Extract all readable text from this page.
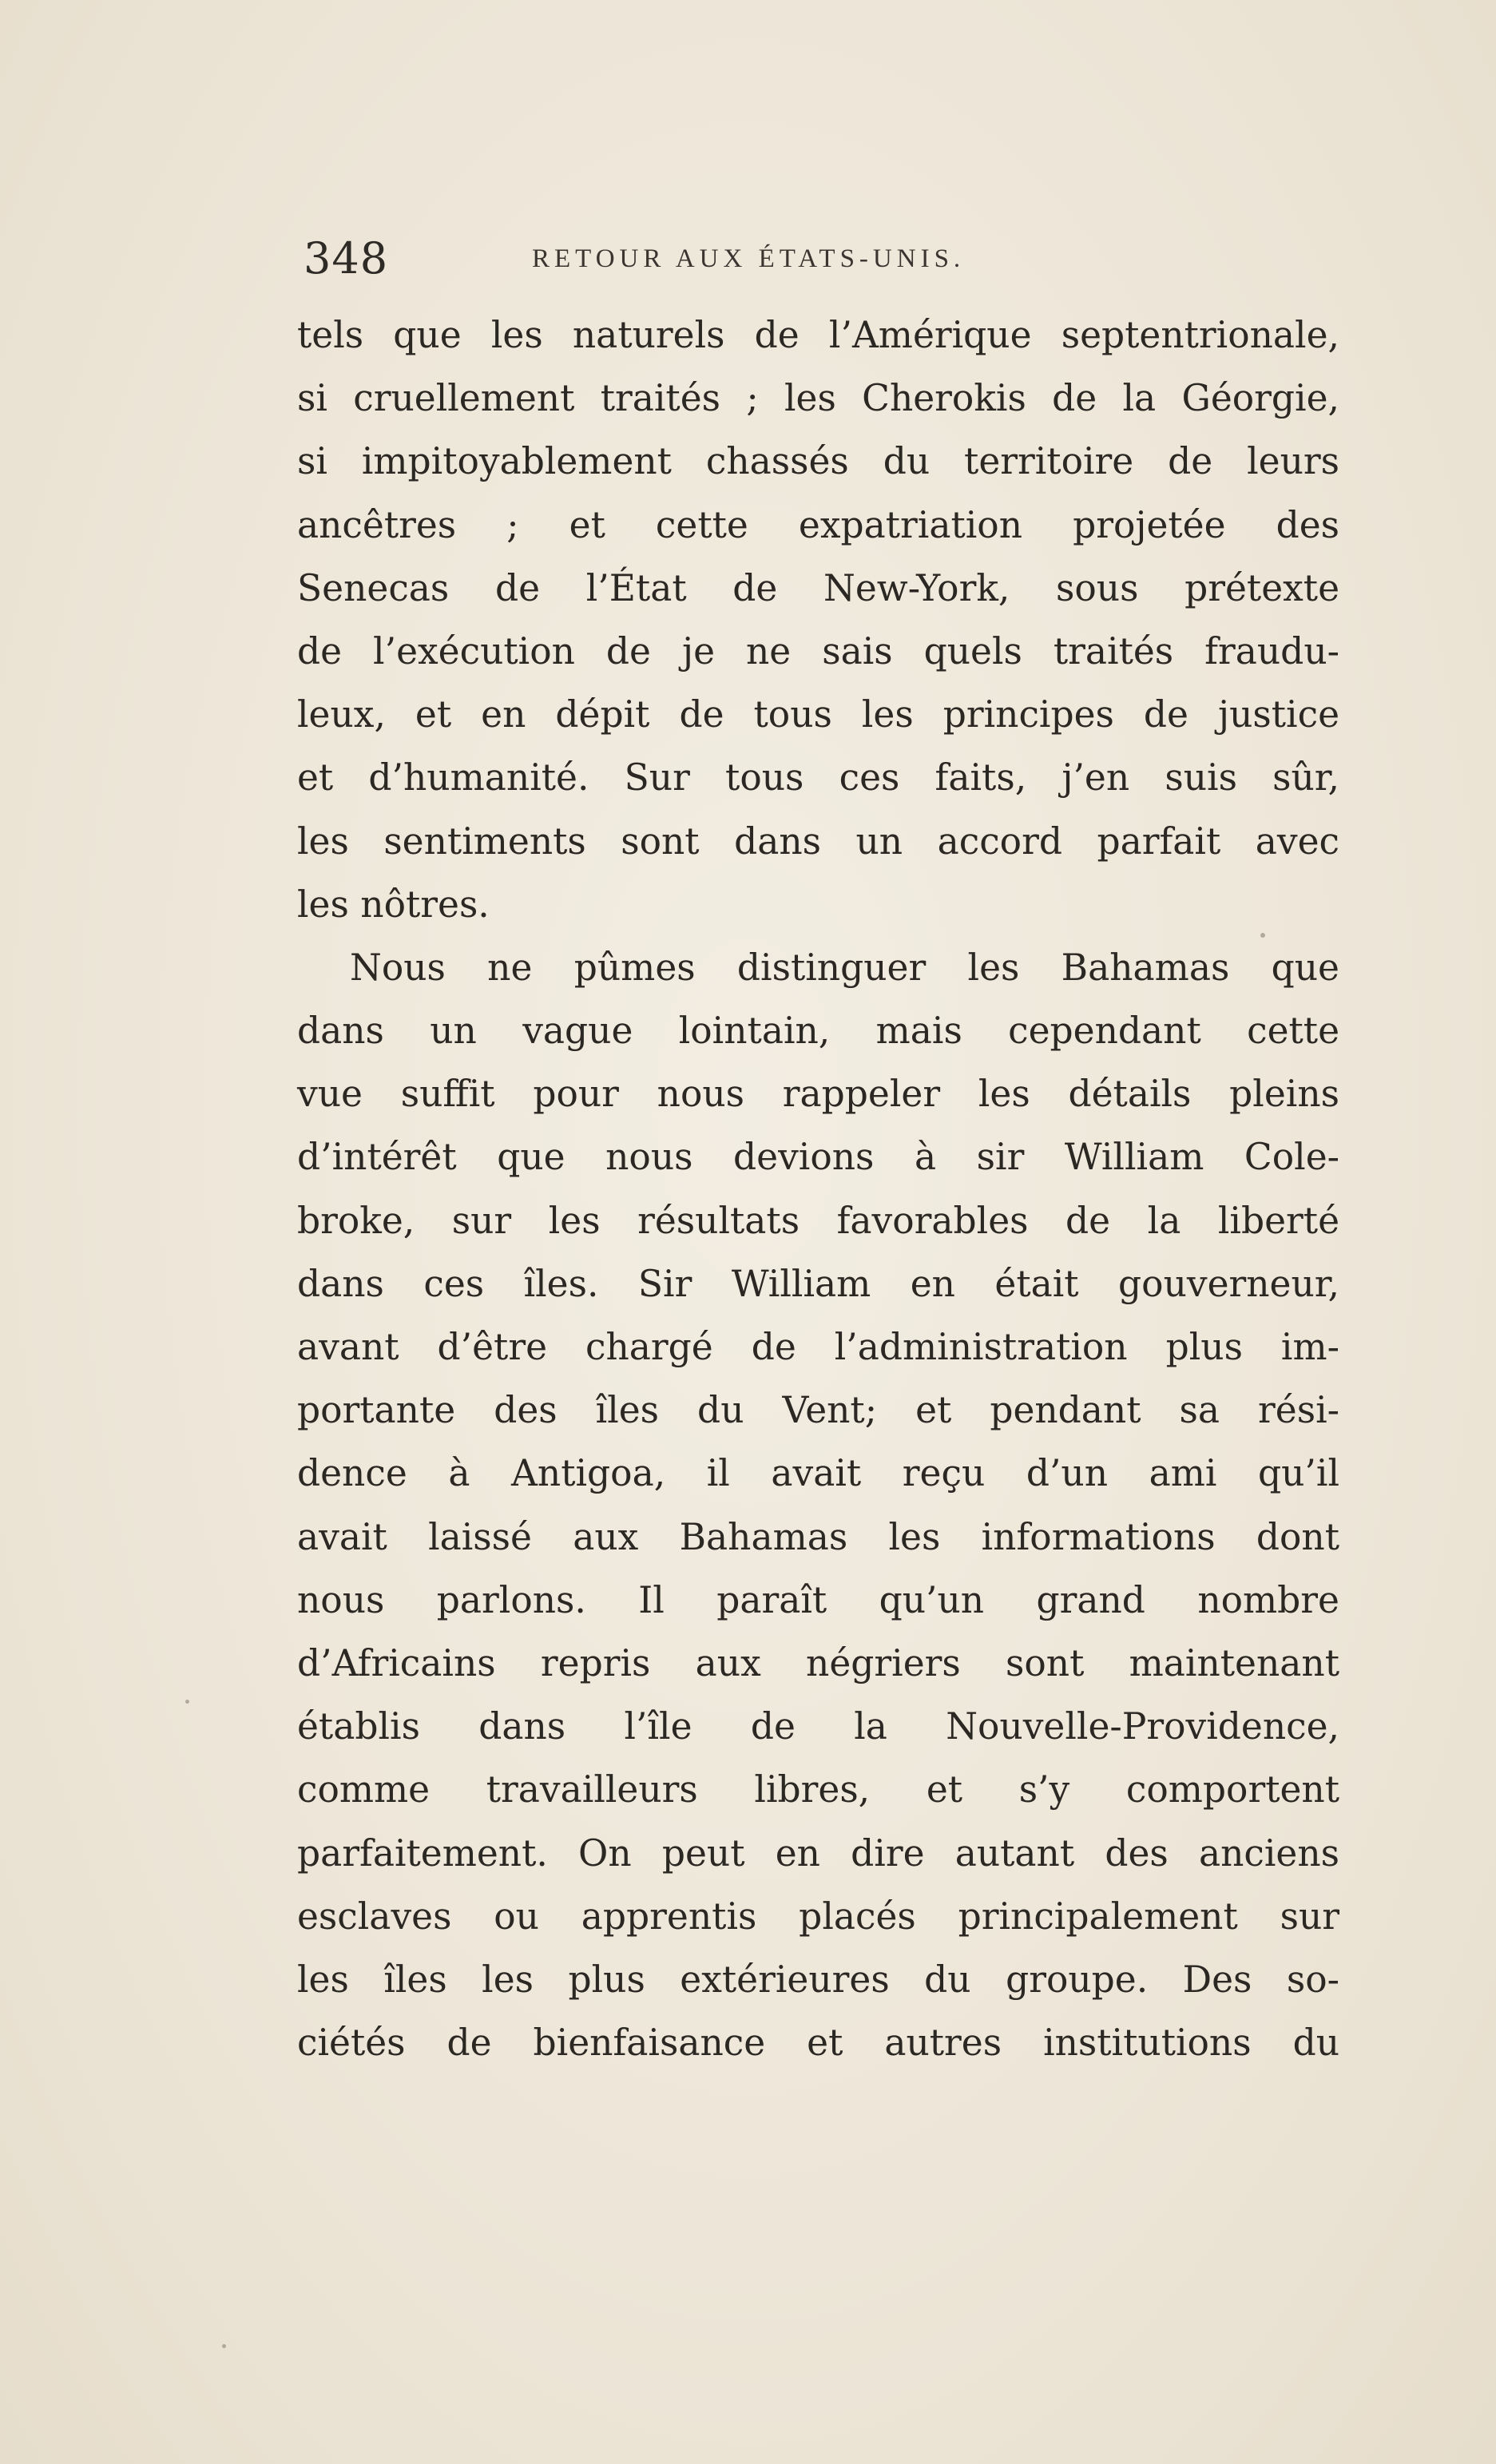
348	RETOUR AUX ÉTATS-UNIS.
tels que les naturels de l’Amérique septentrionale,
si cruellement traités ; les Cherokis de la Géorgie,
si impitoyablement chassés du territoire de leurs
ancêtres ; et cette expatriation projetée des
Senecas de l’État de New-York, sous prétexte
de l’exécution de je ne sais quels traités fraudu-
leux, et en dépit de tous les principes de justice
et d’humanité. Sur tous ces faits, j’en suis sûr,
les sentiments sont dans un accord parfait avec
les nôtres.
Nous ne pûmes distinguer les Bahamas que
dans un vague lointain, mais cependant cette
vue suffit pour nous rappeler les détails pleins
d’intérêt que nous devions à sir William Cole-
broke, sur les résultats favorables de la liberté
dans ces îles. Sir William en était gouverneur,
avant d’être chargé de l’administration plus im-
portante des îles du Vent; et pendant sa rési-
dence à Antigoa, il avait reçu d’un ami qu’il
avait laissé aux Bahamas les informations dont
nous parlons. Il paraît qu’un grand nombre
d’Africains repris aux négriers sont maintenant
établis dans l’île de la Nouvelle-Providence,
comme travailleurs libres, et s’y comportent
parfaitement. On peut en dire autant des anciens
esclaves ou apprentis placés principalement sur
les îles les plus extérieures du groupe. Des so-
ciétés de bienfaisance et autres institutions du
